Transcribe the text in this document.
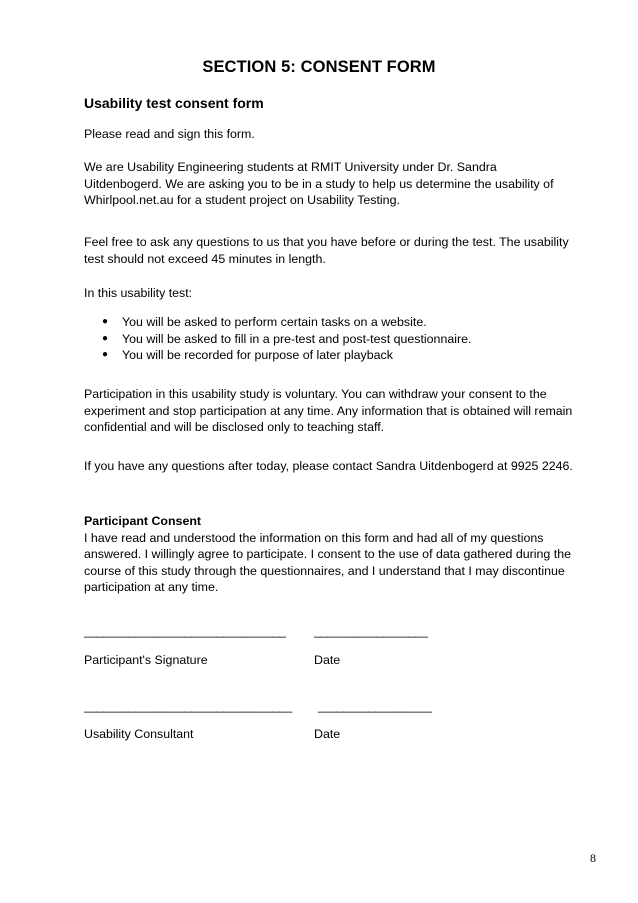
SECTION 5: CONSENT FORM
Usability test consent form
Please read and sign this form.
We are Usability Engineering students at RMIT University under Dr. Sandra
Uitdenbogerd. We are asking you to be in a study to help us determine the usability of
Whirlpool.net.au for a student project on Usability Testing.
Feel free to ask any questions to us that you have before or during the test. The usability
test should not exceed 45 minutes in length.
In this usability test:
● You will be asked to perform certain tasks on a website.
● You will be asked to fill in a pre-test and post-test questionnaire.
● You will be recorded for purpose of later playback
Participation in this usability study is voluntary. You can withdraw your consent to the
experiment and stop participation at any time. Any information that is obtained will remain
confidential and will be disclosed only to teaching staff.
If you have any questions after today, please contact Sandra Uitdenbogerd at 9925 2246.
Participant Consent
I have read and understood the information on this form and had all of my questions
answered. I willingly agree to participate. I consent to the use of data gathered during the
course of this study through the questionnaires, and I understand that I may discontinue
participation at any time.
________________________________ __________________
Participant's Signature	Date
_________________________________ __________________
Usability Consultant	Date
8
